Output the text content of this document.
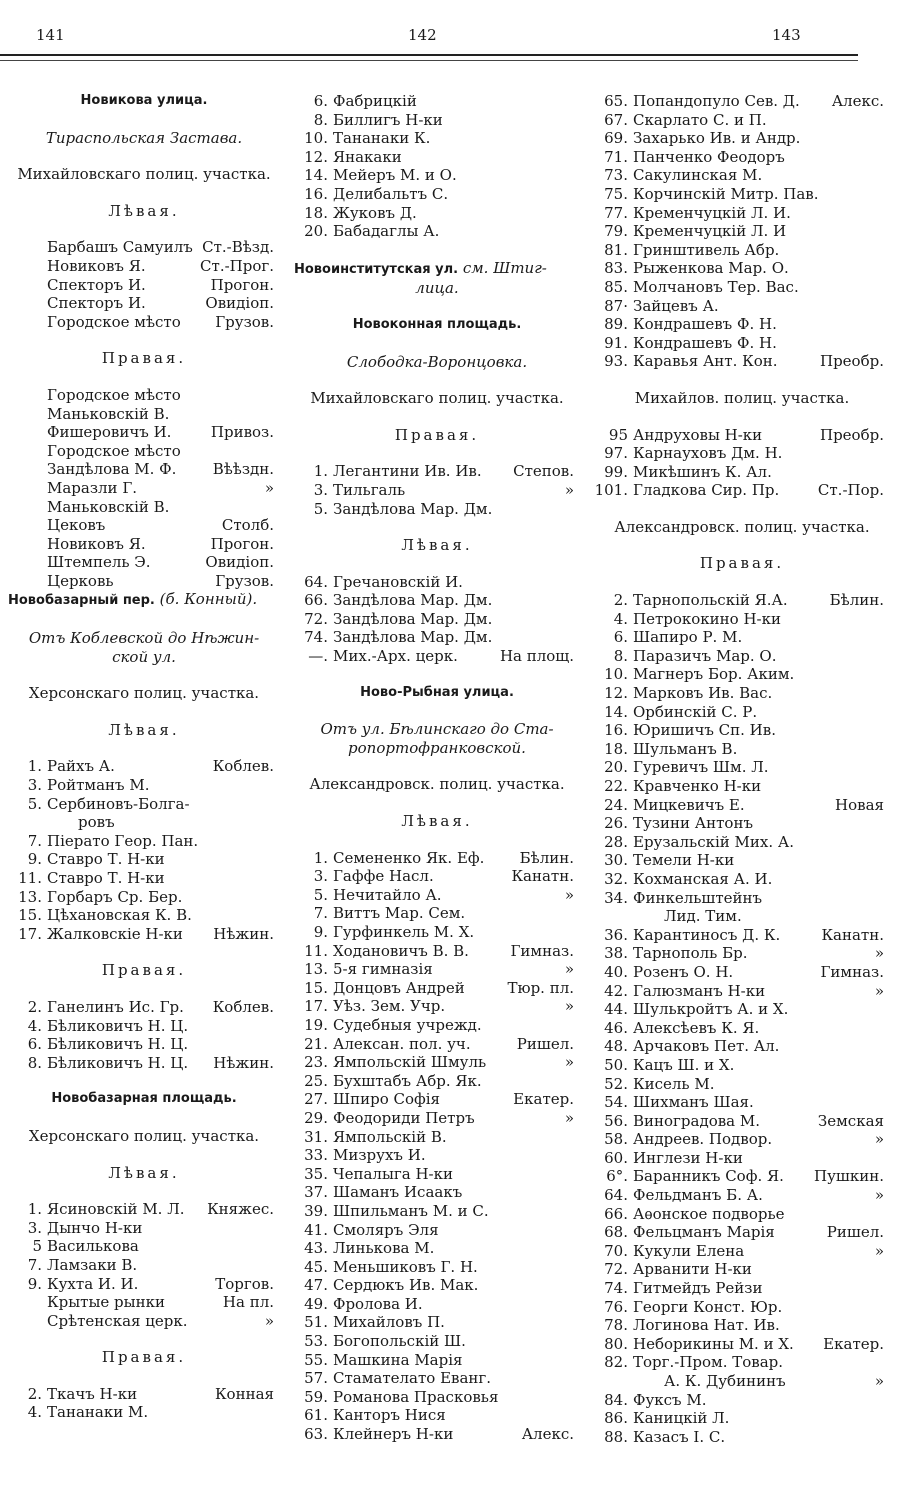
141	142	143
Новикова улица.
Тираспольская Застава.
Михайловскаго полиц. участка.
Лѣвая.
Барбашъ Самуилъ Ст.-Вѣзд.
Новиковъ Я.	Ст.-Прог.
Спекторъ И.	Прогон.
Спекторъ И.	Овидіоп.
Городское мѣсто	Грузов.
Правая.
Городское мѣсто
Маньковскій В.
Фишеровичъ И.	Привоз.
Городское мѣсто
Зандѣлова М. Ф.	Вѣѣздн.
Маразли Г.	»
Маньковскій В.
Цековъ	Столб.
Новиковъ Я.	Прогон.
Штемпель Э.	Овидіоп.
Церковь	Грузов.
Новобазарный пер. (б. Конный).
Отъ Коблевской до Нѣжин-
ской ул.
Херсонскаго полиц. участка.
Лѣвая.
1. Райхъ А.	Коблев.
3. Ройтманъ М.
5. Сербиновъ-Болга-
ровъ
7. Піерато Геор. Пан.
9. Ставро Т. Н-ки
11. Ставро Т. Н-ки
13. Горбаръ Ср. Бер.
15. Цѣхановская К. В.
17. Жалковскіе Н-ки	Нѣжин.
Правая.
2. Ганелинъ Ис. Гр.	Коблев.
4. Бѣликовичъ Н. Ц.
6. Бѣликовичъ Н. Ц.
8. Бѣликовичъ Н. Ц.	Нѣжин.
Новобазарная площадь.
Херсонскаго полиц. участка.
Лѣвая.
1. Ясиновскій М. Л.	Княжес.
3. Дынчо Н-ки
5 Василькова
7. Ламзаки В.
9. Кухта И. И.	Торгов.
Крытые рынки	На пл.
Срѣтенская церк.	»
Правая.
2. Ткачъ Н-ки	Конная
4. Тананаки М.
6. Фабрицкій
8. Биллигъ Н-ки
10. Тананаки К.
12. Янакаки
14. Мейеръ М. и О.
16. Делибальтъ С.
18. Жуковъ Д.
20. Бабадаглы А.
Новоинститутская ул. см. Штиг-
лица.
Новоконная площадь.
Слободка-Воронцовка.
Михайловскаго полиц. участка.
Правая.
1. Легантини Ив. Ив.	Степов.
3. Тильгаль	»
5. Зандѣлова Мар. Дм.
Лѣвая.
64. Гречановскій И.
66. Зандѣлова Мар. Дм.
72. Зандѣлова Мар. Дм.
74. Зандѣлова Мар. Дм.
—. Мих.-Арх. церк.	На площ.
Ново-Рыбная улица.
Отъ ул. Бѣлинскаго до Ста-
ропортофранковской.
Александровск. полиц. участка.
Лѣвая.
1. Семененко Як. Еф.	Бѣлин.
3. Гаффе Насл.	Канатн.
5. Нечитайло А.	»
7. Виттъ Мар. Сем.
9. Гурфинкель М. Х.
11. Ходановичъ В. В.	Гимназ.
13. 5-я гимназія	»
15. Донцовъ Андрей	Тюр. пл.
17. Уѣз. Зем. Учр.	»
19. Судебныя учрежд.
21. Алексан. пол. уч.	Ришел.
23. Ямпольскій Шмуль	»
25. Бухштабъ Абр. Як.
27. Шпиро Софія	Екатер.
29. Феодориди Петръ	»
31. Ямпольскій В.
33. Мизрухъ И.
35. Чепалыга Н-ки
37. Шаманъ Исаакъ
39. Шпильманъ М. и С.
41. Смоляръ Эля
43. Линькова М.
45. Меньшиковъ Г. Н.
47. Сердюкъ Ив. Мак.
49. Фролова И.
51. Михайловъ П.
53. Богопольскій Ш.
55. Машкина Марія
57. Стамателато Еванг.
59. Романова Прасковья
61. Канторъ Нися
63. Клейнеръ Н-ки	Алекс.
65. Попандопуло Сев. Д.	Алекс.
67. Скарлато С. и П.
69. Захарько Ив. и Андр.
71. Панченко Феодоръ
73. Сакулинская М.
75. Корчинскій Митр. Пав.
77. Кременчуцкій Л. И.
79. Кременчуцкій Л. И
81. Гринштивель Абр.
83. Рыженкова Мар. О.
85. Молчановъ Тер. Вас.
87· Зайцевъ А.
89. Кондрашевъ Ф. Н.
91. Кондрашевъ Ф. Н.
93. Каравья Ант. Кон.	Преобр.
Михайлов. полиц. участка.
95 Андруховы Н-ки	Преобр.
97. Карнауховъ Дм. Н.
99. Микѣшинъ К. Ал.
101. Гладкова Сир. Пр.	Ст.-Пор.
Александровск. полиц. участка.
Правая.
2. Тарнопольскій Я.А.	Бѣлин.
4. Петрококино Н-ки
6. Шапиро Р. М.
8. Паразичъ Мар. О.
10. Магнеръ Бор. Аким.
12. Марковъ Ив. Вас.
14. Орбинскій С. Р.
16. Юришичъ Сп. Ив.
18. Шульманъ В.
20. Гуревичъ Шм. Л.
22. Кравченко Н-ки
24. Мицкевичъ Е.	Новая
26. Тузини Антонъ
28. Ерузальскій Мих. А.
30. Темели Н-ки
32. Кохманская А. И.
34. Финкельштейнъ
Лид. Тим.
36. Карантиносъ Д. К.	Канатн.
38. Тарнополь Бр.	»
40. Розенъ О. Н.	Гимназ.
42. Галюзманъ Н-ки	»
44. Шулькройтъ А. и Х.
46. Алексѣевъ К. Я.
48. Арчаковъ Пет. Ал.
50. Кацъ Ш. и Х.
52. Кисель М.
54. Шихманъ Шая.
56. Виноградова М.	Земская
58. Андреев. Подвор.	»
60. Инглези Н-ки
6°. Баранникъ Соф. Я.	Пушкин.
64. Фельдманъ Б. А.	»
66. Аѳонское подворье
68. Фельцманъ Марія	Ришел.
70. Кукули Елена	»
72. Арванити Н-ки
74. Гитмейдъ Рейзи
76. Георги Конст. Юр.
78. Логинова Нат. Ив.
80. Неборикины М. и Х.	Екатер.
82. Торг.-Пром. Товар.
А. К. Дубининъ	»
84. Фуксъ М.
86. Каницкій Л.
88. Казасъ І. С.
